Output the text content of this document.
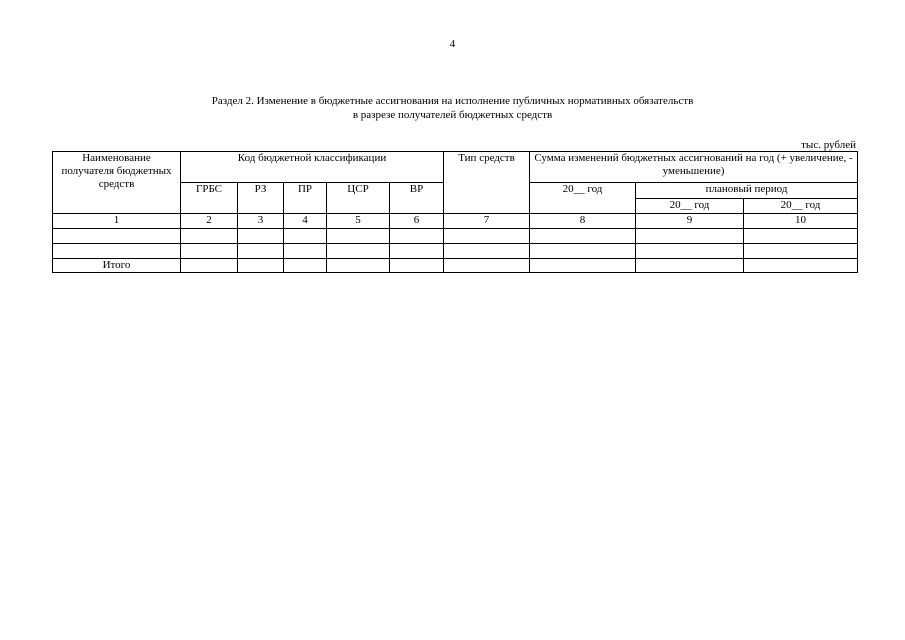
4
Раздел 2. Изменение в бюджетные ассигнования на исполнение публичных нормативных обязательств
в разрезе получателей бюджетных средств
тыс. рублей
Наименование получателя бюджетных средств	Код бюджетной классификации					Тип средств	Сумма изменений бюджетных ассигнований на год (+ увеличение, - уменьшение)		
	ГРБС	РЗ	ПР	ЦСР	ВР		20__ год	плановый период	
								20__ год	20__ год
1	2	3	4	5	6	7	8	9	10

Итого									
